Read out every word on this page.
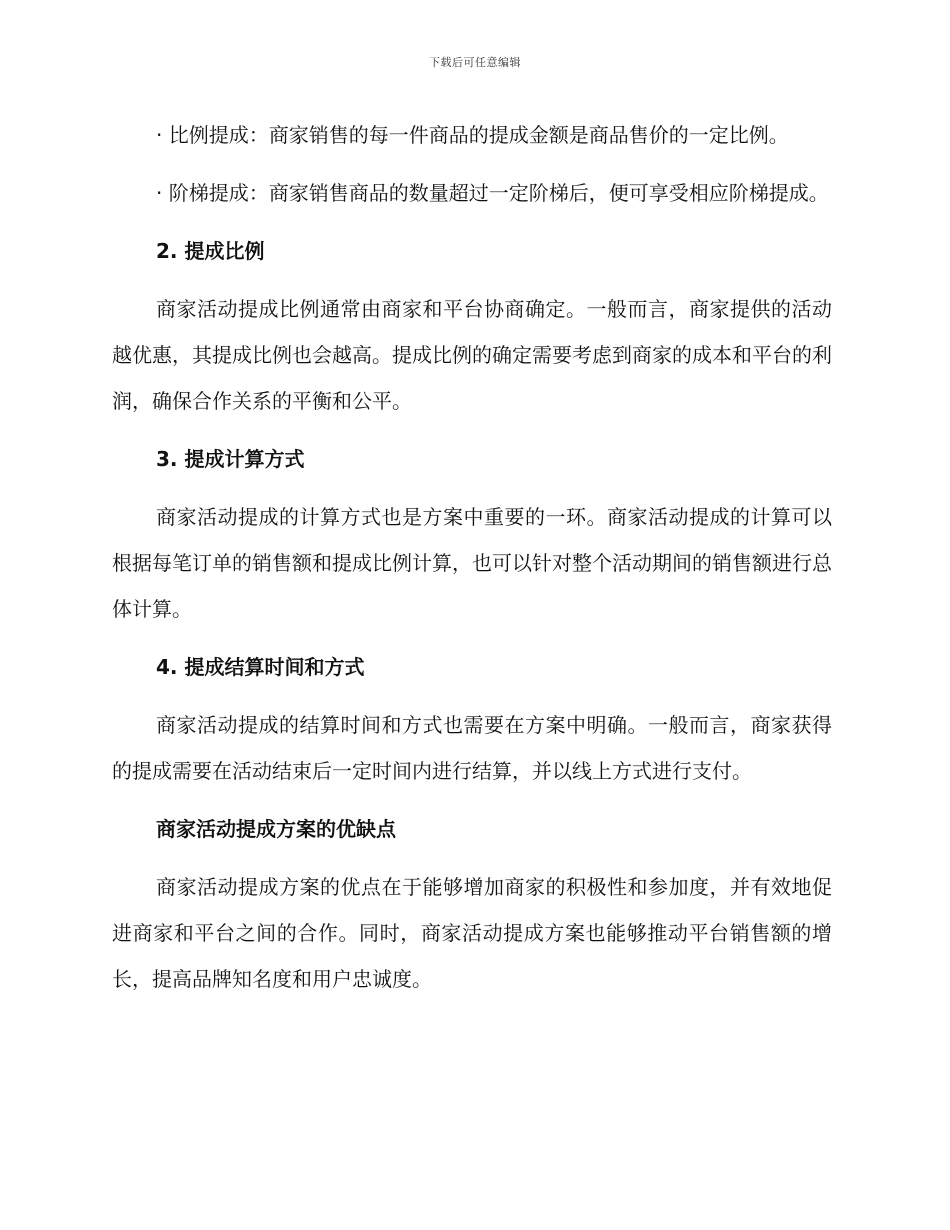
下载后可任意编辑

· 比例提成：商家销售的每一件商品的提成金额是商品售价的一定比例。

· 阶梯提成：商家销售商品的数量超过一定阶梯后，便可享受相应阶梯提成。

2. 提成比例

商家活动提成比例通常由商家和平台协商确定。一般而言，商家提供的活动越优惠，其提成比例也会越高。提成比例的确定需要考虑到商家的成本和平台的利润，确保合作关系的平衡和公平。

3. 提成计算方式

商家活动提成的计算方式也是方案中重要的一环。商家活动提成的计算可以根据每笔订单的销售额和提成比例计算，也可以针对整个活动期间的销售额进行总体计算。

4. 提成结算时间和方式

商家活动提成的结算时间和方式也需要在方案中明确。一般而言，商家获得的提成需要在活动结束后一定时间内进行结算，并以线上方式进行支付。

商家活动提成方案的优缺点

商家活动提成方案的优点在于能够增加商家的积极性和参加度，并有效地促进商家和平台之间的合作。同时，商家活动提成方案也能够推动平台销售额的增长，提高品牌知名度和用户忠诚度。
